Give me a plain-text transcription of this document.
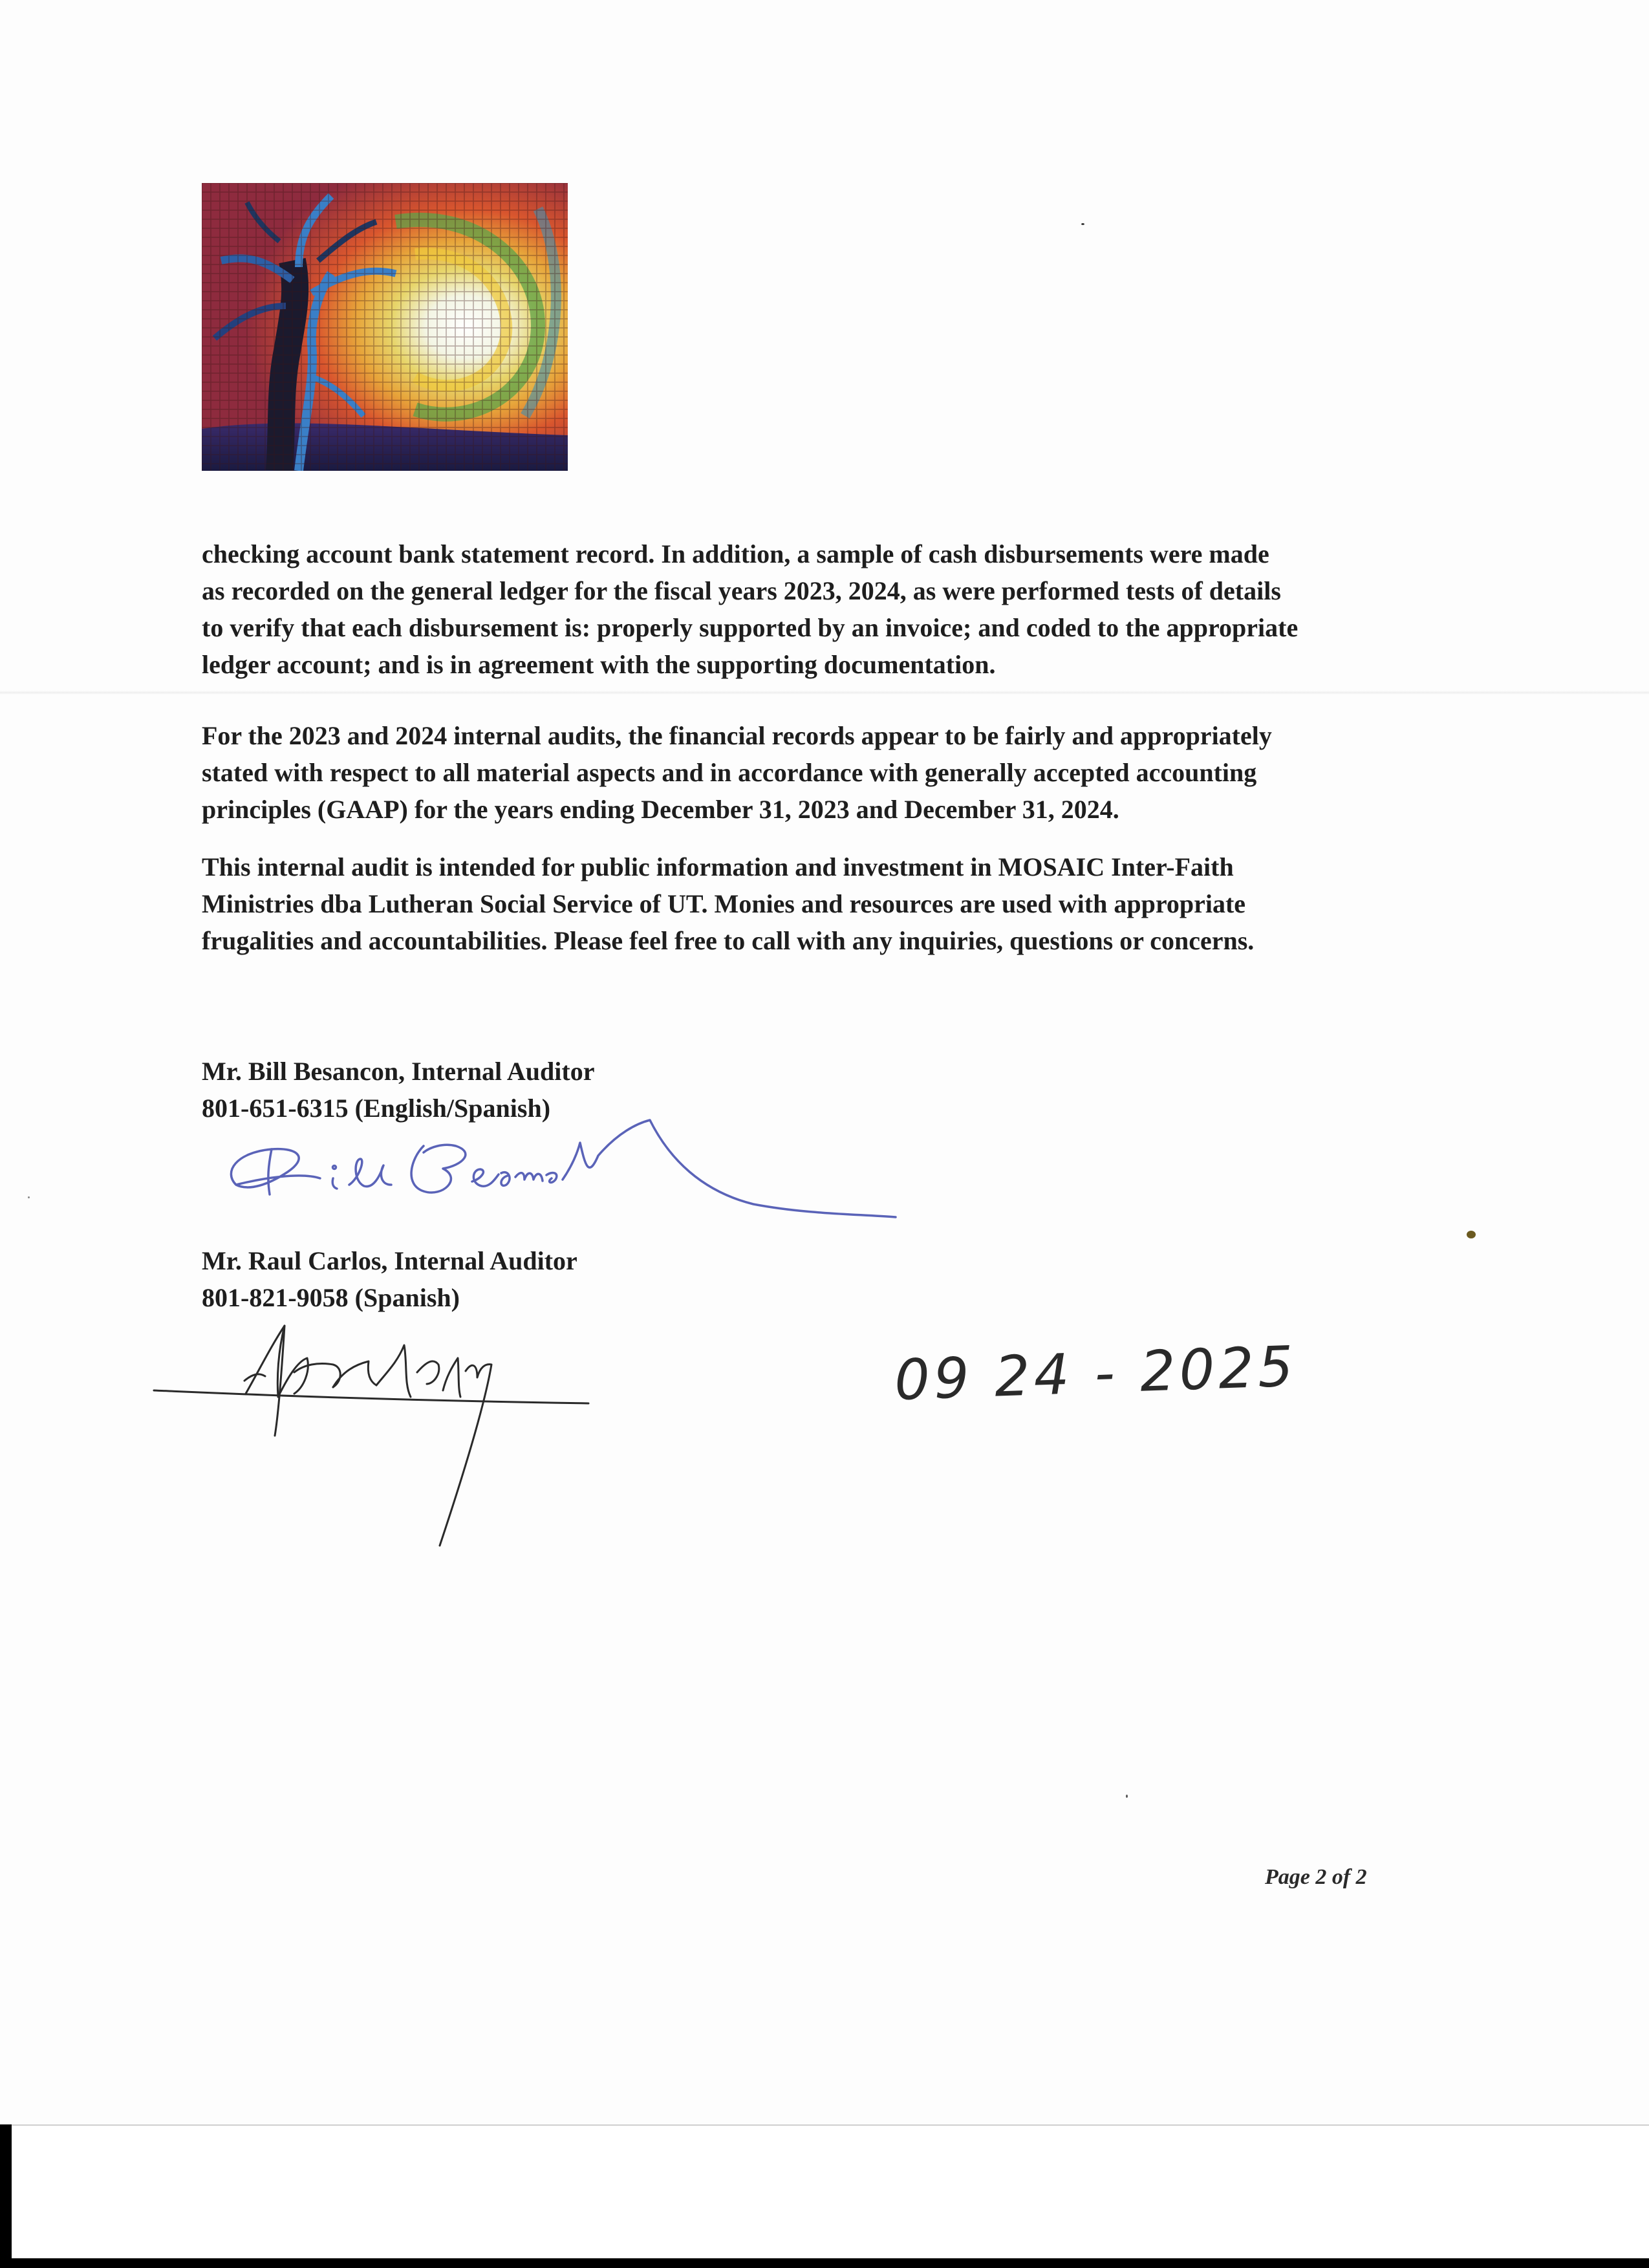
checking account bank statement record. In addition, a sample of cash disbursements were made
as recorded on the general ledger for the fiscal years 2023, 2024, as were performed tests of details
to verify that each disbursement is: properly supported by an invoice; and coded to the appropriate
ledger account; and is in agreement with the supporting documentation.

For the 2023 and 2024 internal audits, the financial records appear to be fairly and appropriately
stated with respect to all material aspects and in accordance with generally accepted accounting
principles (GAAP) for the years ending December 31, 2023 and December 31, 2024.

This internal audit is intended for public information and investment in MOSAIC Inter-Faith
Ministries dba Lutheran Social Service of UT. Monies and resources are used with appropriate
frugalities and accountabilities. Please feel free to call with any inquiries, questions or concerns.

Mr. Bill Besancon, Internal Auditor
801-651-6315 (English/Spanish)
Mr. Raul Carlos, Internal Auditor
801-821-9058 (Spanish)
09 24 - 2025
Page 2 of 2
